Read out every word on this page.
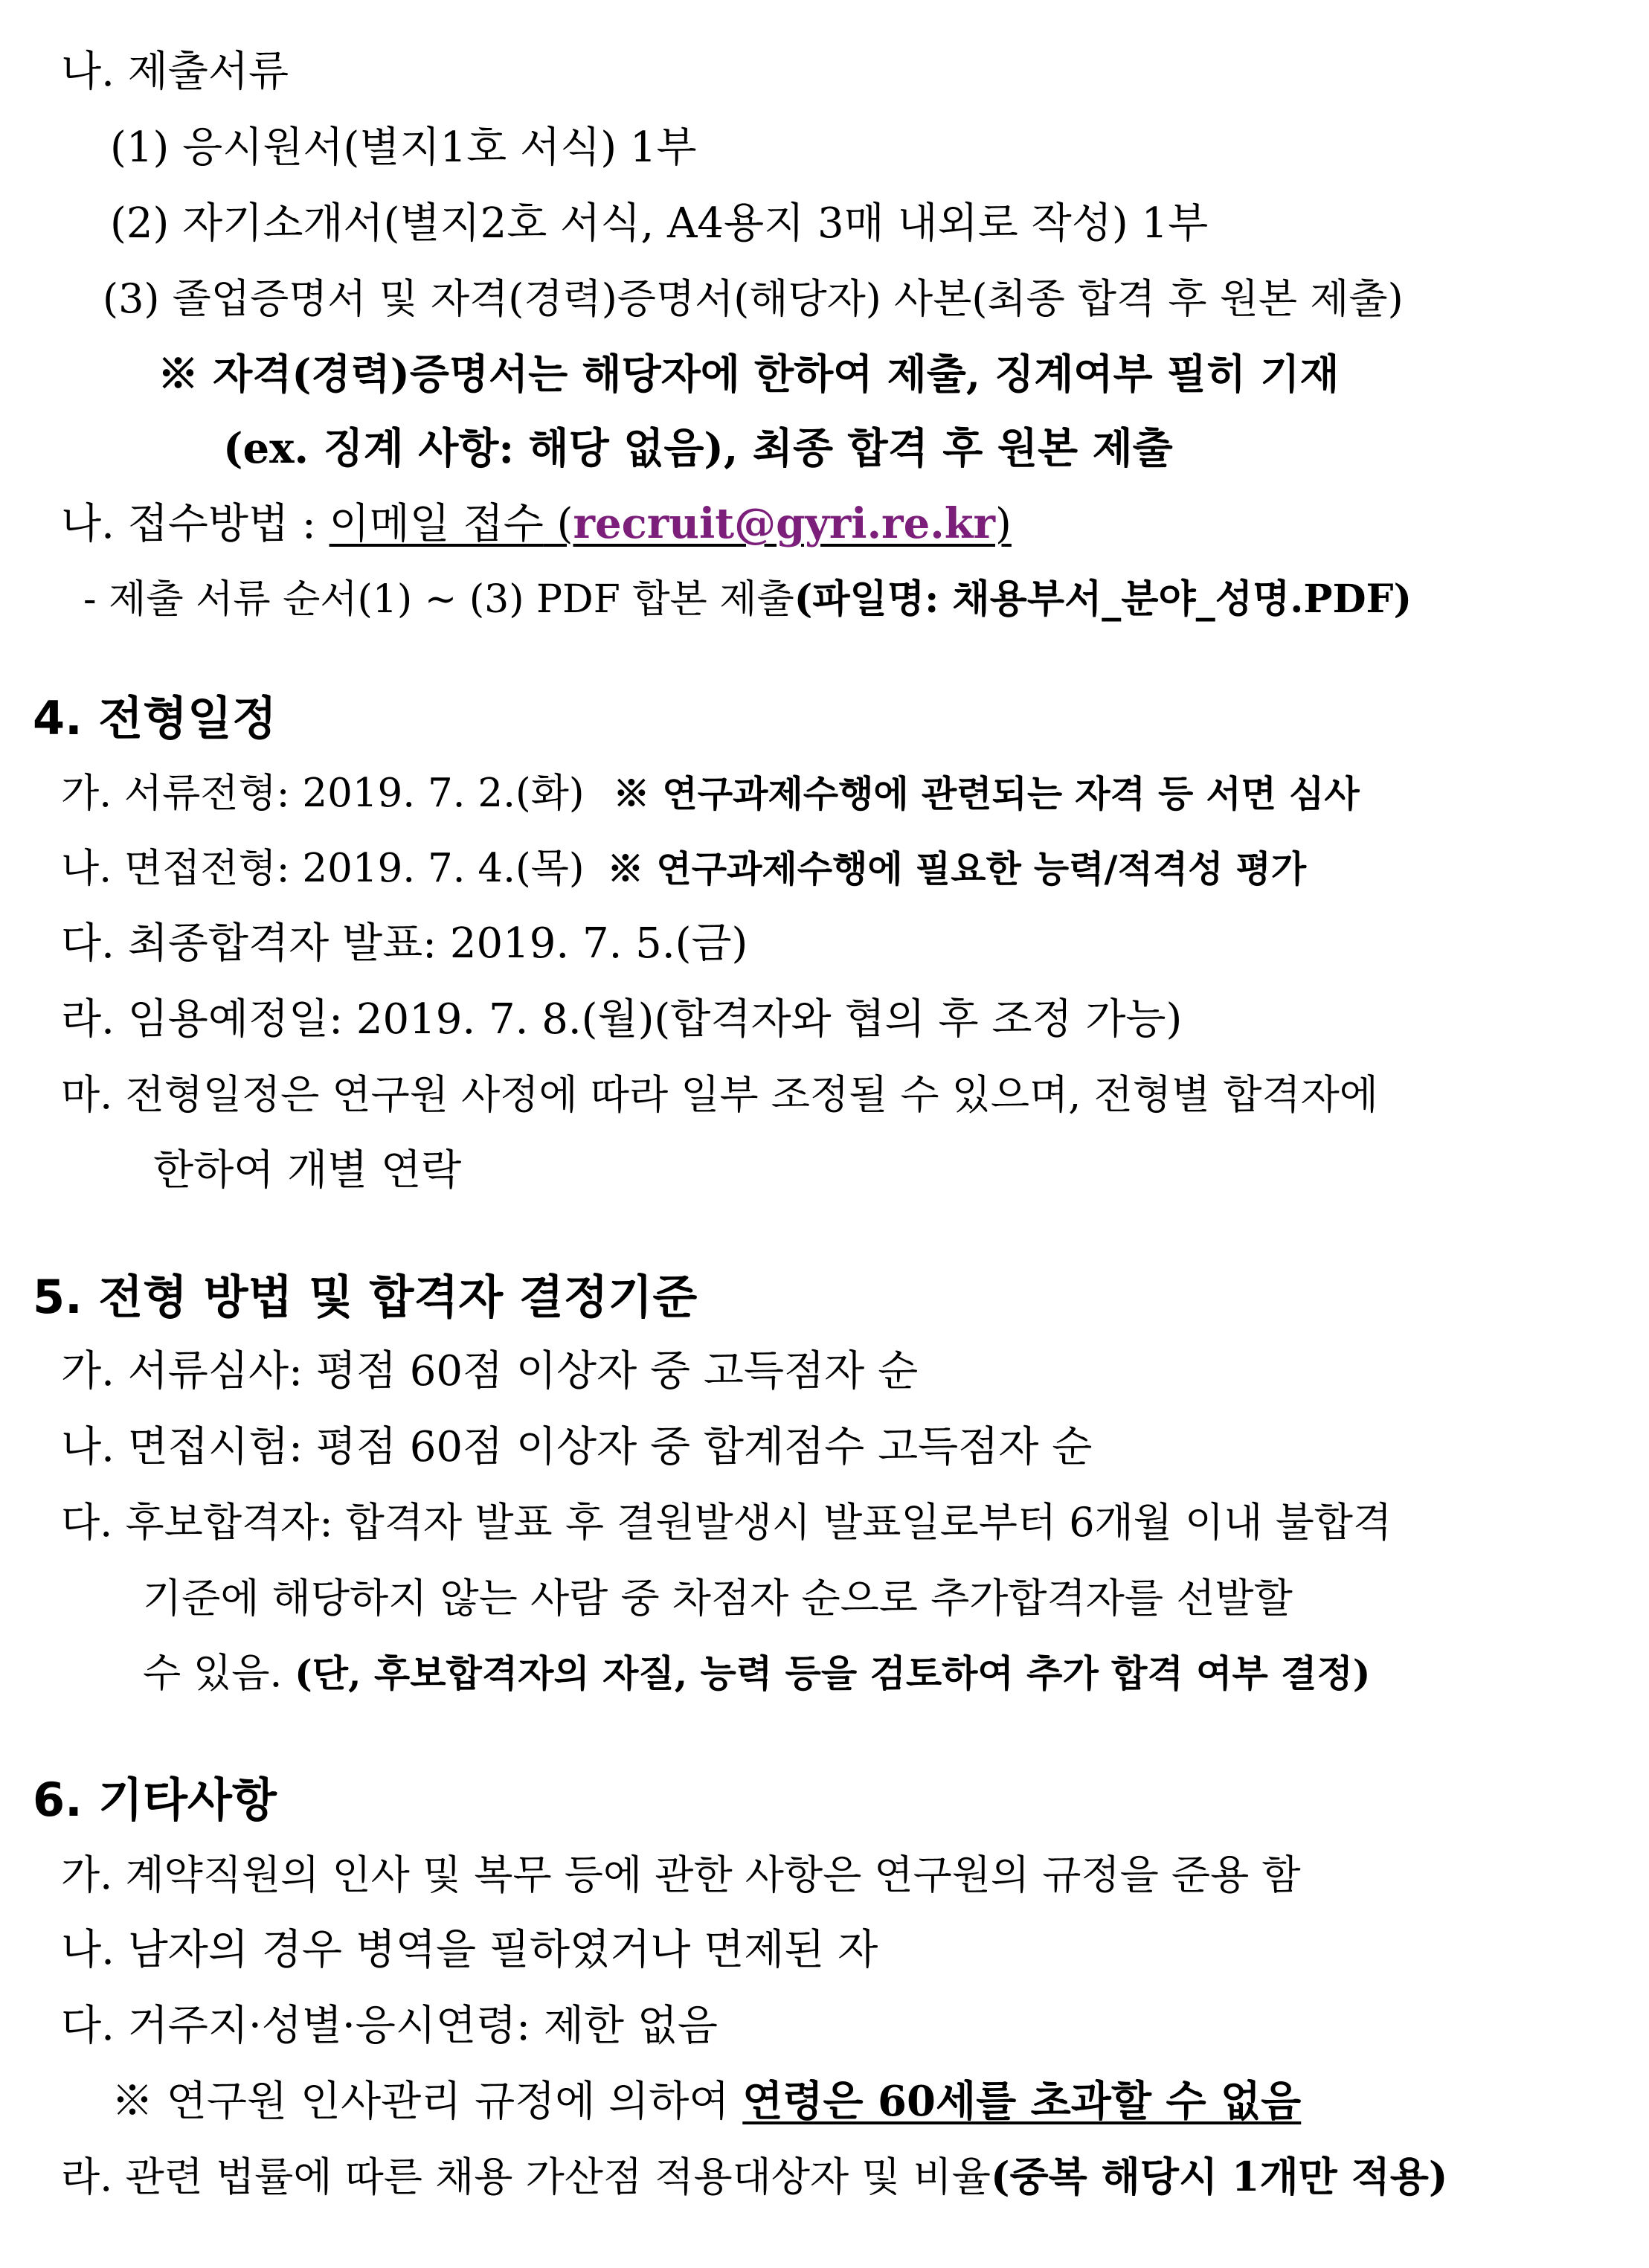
나. 제출서류
(1) 응시원서(별지1호 서식) 1부
(2) 자기소개서(별지2호 서식, A4용지 3매 내외로 작성) 1부
(3) 졸업증명서 및 자격(경력)증명서(해당자) 사본(최종 합격 후 원본 제출)
※ 자격(경력)증명서는 해당자에 한하여 제출, 징계여부 필히 기재
(ex. 징계 사항: 해당 없음), 최종 합격 후 원본 제출
나. 접수방법 : 이메일 접수 (recruit@gyri.re.kr)
- 제출 서류 순서(1) ~ (3) PDF 합본 제출(파일명: 채용부서_분야_성명.PDF)
4. 전형일정
가. 서류전형: 2019. 7. 2.(화) ※ 연구과제수행에 관련되는 자격 등 서면 심사
나. 면접전형: 2019. 7. 4.(목) ※ 연구과제수행에 필요한 능력/적격성 평가
다. 최종합격자 발표: 2019. 7. 5.(금)
라. 임용예정일: 2019. 7. 8.(월)(합격자와 협의 후 조정 가능)
마. 전형일정은 연구원 사정에 따라 일부 조정될 수 있으며, 전형별 합격자에
한하여 개별 연락
5. 전형 방법 및 합격자 결정기준
가. 서류심사: 평점 60점 이상자 중 고득점자 순
나. 면접시험: 평점 60점 이상자 중 합계점수 고득점자 순
다. 후보합격자: 합격자 발표 후 결원발생시 발표일로부터 6개월 이내 불합격
기준에 해당하지 않는 사람 중 차점자 순으로 추가합격자를 선발할
수 있음. (단, 후보합격자의 자질, 능력 등을 검토하여 추가 합격 여부 결정)
6. 기타사항
가. 계약직원의 인사 및 복무 등에 관한 사항은 연구원의 규정을 준용 함
나. 남자의 경우 병역을 필하였거나 면제된 자
다. 거주지·성별·응시연령: 제한 없음
※ 연구원 인사관리 규정에 의하여 연령은 60세를 초과할 수 없음
라. 관련 법률에 따른 채용 가산점 적용대상자 및 비율(중복 해당시 1개만 적용)
